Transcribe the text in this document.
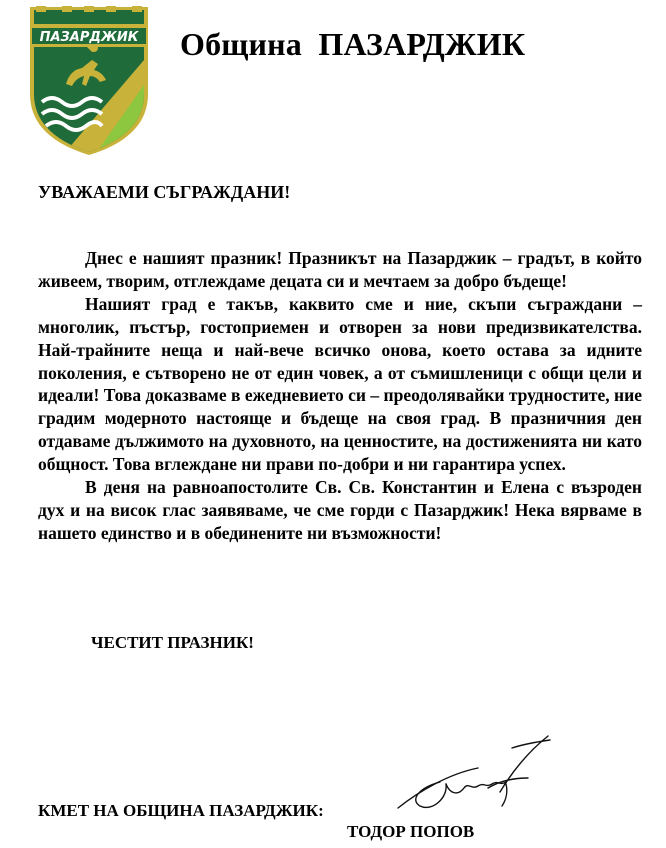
ПАЗАРДЖИК Община  ПАЗАРДЖИК
УВАЖАЕМИ СЪГРАЖДАНИ!

Днес е нашият празник! Празникът на Пазарджик – градът, в който живеем, творим, отглеждаме децата си и мечтаем за добро бъдеще!

Нашият град е такъв, каквито сме и ние, скъпи съграждани – многолик, пъстър, гостоприемен и отворен за нови предизвикателства. Най-трайните неща и най-вече всичко онова, което остава за идните поколения, е сътворено не от един човек, а от съмишленици с общи цели и идеали! Това доказваме в ежедневието си – преодолявайки трудностите, ние градим модерното настояще и бъдеще на своя град. В празничния ден отдаваме дължимото на духовното, на ценностите, на достиженията ни като общност. Това вглеждане ни прави по-добри и ни гарантира успех.

В деня на равноапостолите Св. Св. Константин и Елена с възроден дух и на висок глас заявяваме, че сме горди с Пазарджик! Нека вярваме в нашето единство и в обединените ни възможности!

ЧЕСТИТ ПРАЗНИК!
КМЕТ НА ОБЩИНА ПАЗАРДЖИК:
ТОДОР ПОПОВ
